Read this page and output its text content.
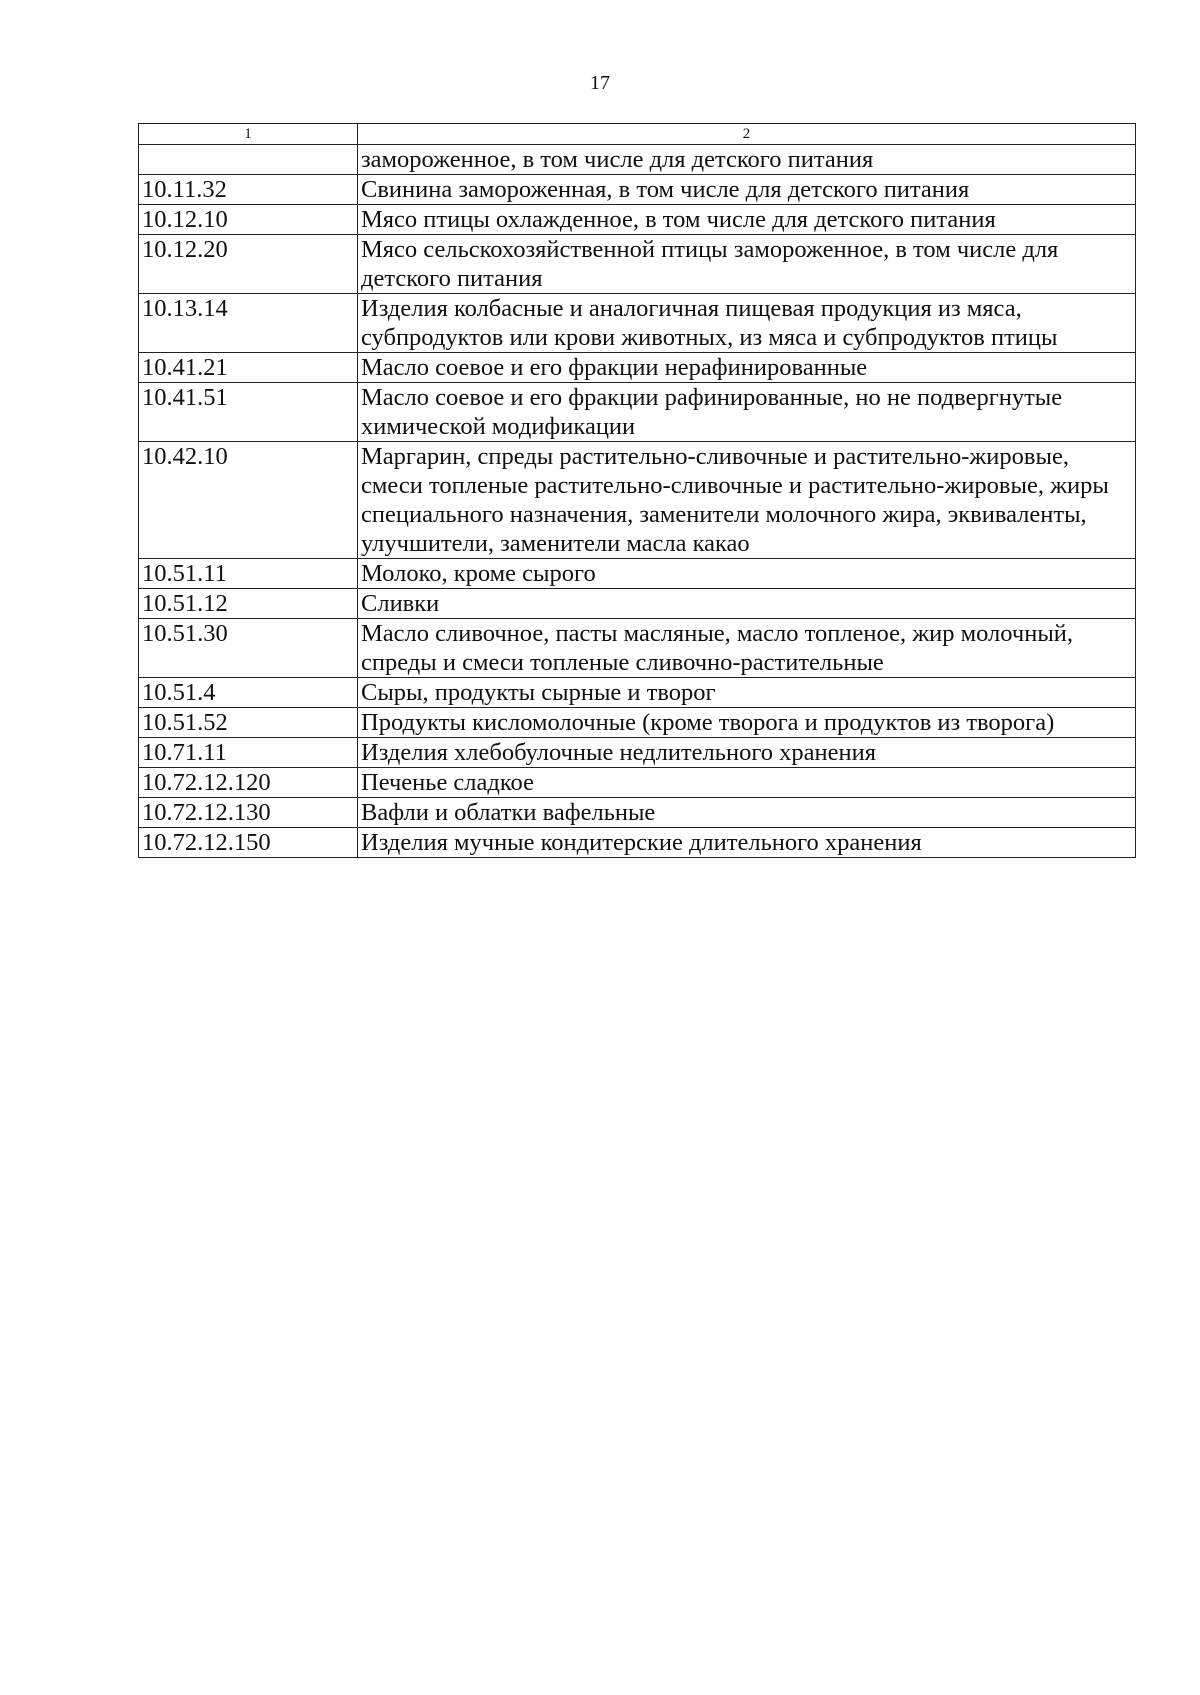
17
1	2
	замороженное, в том числе для детского питания
10.11.32	Свинина замороженная, в том числе для детского питания
10.12.10	Мясо птицы охлажденное, в том числе для детского питания
10.12.20	Мясо сельскохозяйственной птицы замороженное, в том числе для детского питания
10.13.14	Изделия колбасные и аналогичная пищевая продукция из мяса, субпродуктов или крови животных, из мяса и субпродуктов птицы
10.41.21	Масло соевое и его фракции нерафинированные
10.41.51	Масло соевое и его фракции рафинированные, но не подвергнутые химической модификации
10.42.10	Маргарин, спреды растительно-сливочные и растительно-жировые, смеси топленые растительно-сливочные и растительно-жировые, жиры специального назначения, заменители молочного жира, эквиваленты, улучшители, заменители масла какао
10.51.11	Молоко, кроме сырого
10.51.12	Сливки
10.51.30	Масло сливочное, пасты масляные, масло топленое, жир молочный, спреды и смеси топленые сливочно-растительные
10.51.4	Сыры, продукты сырные и творог
10.51.52	Продукты кисломолочные (кроме творога и продуктов из творога)
10.71.11	Изделия хлебобулочные недлительного хранения
10.72.12.120	Печенье сладкое
10.72.12.130	Вафли и облатки вафельные
10.72.12.150	Изделия мучные кондитерские длительного хранения
